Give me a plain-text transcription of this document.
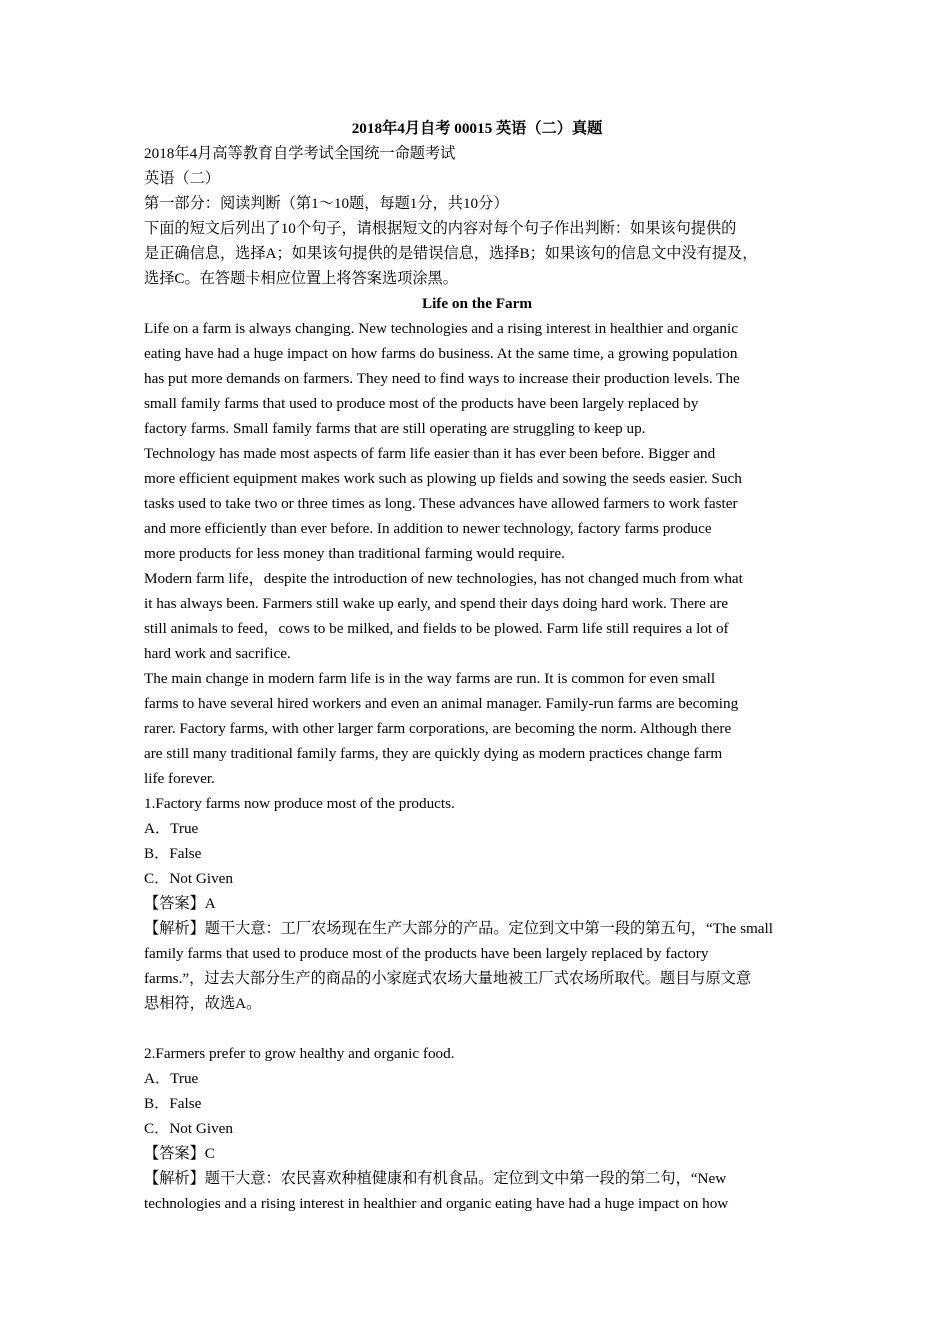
2018年4月自考 00015 英语（二）真题
2018年4月高等教育自学考试全国统一命题考试
英语（二）
第一部分：阅读判断（第1～10题，每题1分，共10分）
下面的短文后列出了10个句子，请根据短文的内容对每个句子作出判断：如果该句提供的
是正确信息，选择A；如果该句提供的是错误信息，选择B；如果该句的信息文中没有提及，
选择C。在答题卡相应位置上将答案选项涂黑。
Life on the Farm
Life on a farm is always changing. New technologies and a rising interest in healthier and organic
eating have had a huge impact on how farms do business. At the same time, a growing population
has put more demands on farmers. They need to find ways to increase their production levels. The
small family farms that used to produce most of the products have been largely replaced by
factory farms. Small family farms that are still operating are struggling to keep up.
Technology has made most aspects of farm life easier than it has ever been before. Bigger and
more efficient equipment makes work such as plowing up fields and sowing the seeds easier. Such
tasks used to take two or three times as long. These advances have allowed farmers to work faster
and more efficiently than ever before. In addition to newer technology, factory farms produce
more products for less money than traditional farming would require.
Modern farm life，despite the introduction of new technologies, has not changed much from what
it has always been. Farmers still wake up early, and spend their days doing hard work. There are
still animals to feed，cows to be milked, and fields to be plowed. Farm life still requires a lot of
hard work and sacrifice.
The main change in modern farm life is in the way farms are run. It is common for even small
farms to have several hired workers and even an animal manager. Family-run farms are becoming
rarer. Factory farms, with other larger farm corporations, are becoming the norm. Although there
are still many traditional family farms, they are quickly dying as modern practices change farm
life forever.
1.Factory farms now produce most of the products.
A．True
B．False
C．Not Given
【答案】A
【解析】题干大意：工厂农场现在生产大部分的产品。定位到文中第一段的第五句，“The small
family farms that used to produce most of the products have been largely replaced by factory
farms.”，过去大部分生产的商品的小家庭式农场大量地被工厂式农场所取代。题目与原文意
思相符，故选A。
2.Farmers prefer to grow healthy and organic food.
A．True
B．False
C．Not Given
【答案】C
【解析】题干大意：农民喜欢种植健康和有机食品。定位到文中第一段的第二句，“New
technologies and a rising interest in healthier and organic eating have had a huge impact on how
